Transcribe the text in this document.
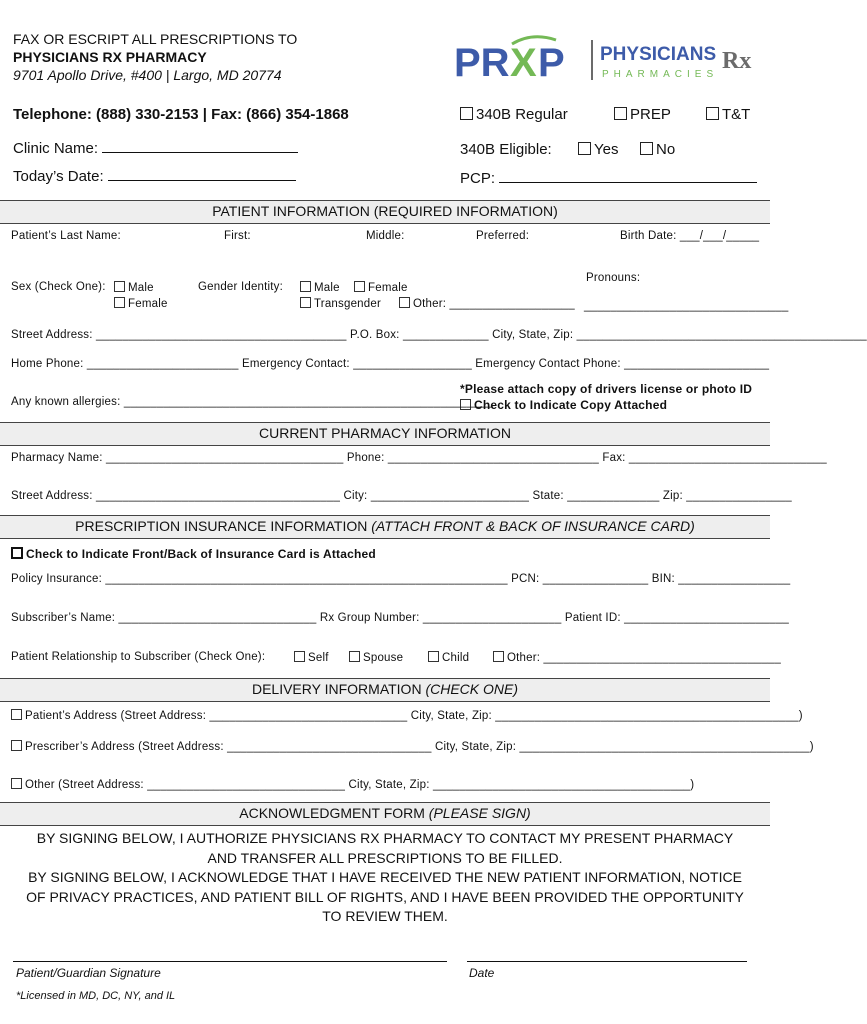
FAX OR ESCRIPT ALL PRESCRIPTIONS TO
PHYSICIANS RX PHARMACY
9701 Apollo Drive, #400 | Largo, MD 20774	PR X P PHYSICIANS Rx
PHARMACIES
Telephone: (888) 330-2153 | Fax: (866) 354-1868	340B Regular	PREP	T&T
Clinic Name:	340B Eligible:	Yes	No
Today’s Date:	PCP:
PATIENT INFORMATION (REQUIRED INFORMATION)
Patient’s Last Name:	First:	Middle:	Preferred:	Birth Date: ___/___/_____
Sex (Check One):	Male
Female
Gender Identity:	Male	Female
Transgender	Other: ___________________
Pronouns:
_______________________________
Street Address: ______________________________________ P.O. Box: _____________ City, State, Zip: ____________________________________________
Home Phone: _______________________ Emergency Contact: __________________ Emergency Contact Phone: ______________________
*Please attach copy of drivers license or photo ID
Check to Indicate Copy Attached
Any known allergies: ________________________________________________________
CURRENT PHARMACY INFORMATION
Pharmacy Name: ____________________________________ Phone: ________________________________ Fax: ______________________________
Street Address: _____________________________________ City: ________________________ State: ______________ Zip: ________________
PRESCRIPTION INSURANCE INFORMATION (ATTACH FRONT & BACK OF INSURANCE CARD)
Check to Indicate Front/Back of Insurance Card is Attached
Policy Insurance: _____________________________________________________________ PCN: ________________ BIN: _________________
Subscriber’s Name: ______________________________ Rx Group Number: _____________________ Patient ID: _________________________
Patient Relationship to Subscriber (Check One):	Self	Spouse	Child	Other: ____________________________________
DELIVERY INFORMATION (CHECK ONE)
Patient’s Address (Street Address: ______________________________ City, State, Zip: ______________________________________________)
Prescriber’s Address (Street Address: _______________________________ City, State, Zip: ____________________________________________)
Other (Street Address: ______________________________ City, State, Zip: _______________________________________)
ACKNOWLEDGMENT FORM (PLEASE SIGN)
BY SIGNING BELOW, I AUTHORIZE PHYSICIANS RX PHARMACY TO CONTACT MY PRESENT PHARMACY
AND TRANSFER ALL PRESCRIPTIONS TO BE FILLED.
BY SIGNING BELOW, I ACKNOWLEDGE THAT I HAVE RECEIVED THE NEW PATIENT INFORMATION, NOTICE
OF PRIVACY PRACTICES, AND PATIENT BILL OF RIGHTS, AND I HAVE BEEN PROVIDED THE OPPORTUNITY
TO REVIEW THEM.
Patient/Guardian Signature	Date
*Licensed in MD, DC, NY, and IL
